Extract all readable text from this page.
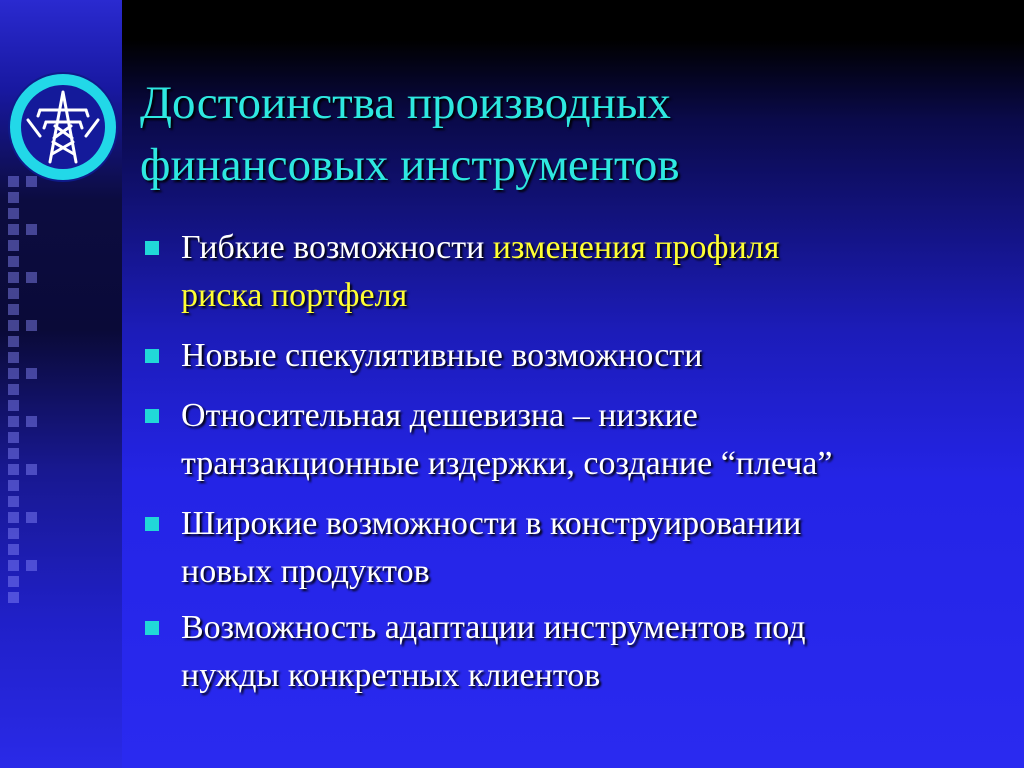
Достоинства производных
финансовых инструментов
Гибкие возможности изменения профиля
риска портфеля
Новые спекулятивные возможности
Относительная дешевизна – низкие
транзакционные издержки, создание “плеча”
Широкие возможности в конструировании
новых продуктов
Возможность адаптации инструментов под
нужды конкретных клиентов
